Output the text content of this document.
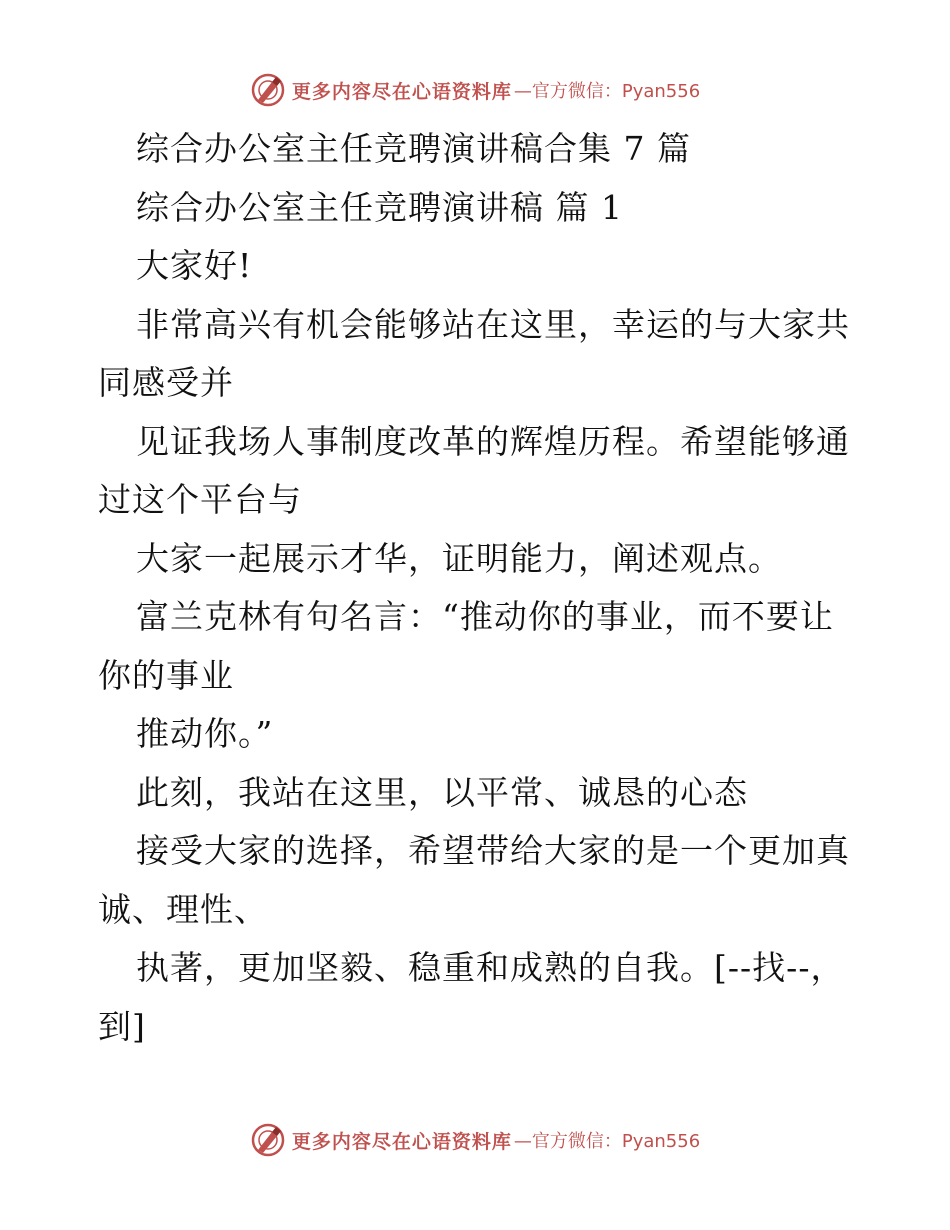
更多内容尽在心语资料库 —官方微信：Pyan556
综合办公室主任竞聘演讲稿合集 7 篇
综合办公室主任竞聘演讲稿 篇 1
大家好!
非常高兴有机会能够站在这里，幸运的与大家共
同感受并
见证我场人事制度改革的辉煌历程。希望能够通
过这个平台与
大家一起展示才华，证明能力，阐述观点。
富兰克林有句名言：“推动你的事业，而不要让
你的事业
推动你。”
此刻，我站在这里，以平常、诚恳的心态
接受大家的选择，希望带给大家的是一个更加真
诚、理性、
执著，更加坚毅、稳重和成熟的自我。[--找--，
到]
更多内容尽在心语资料库 —官方微信：Pyan556
